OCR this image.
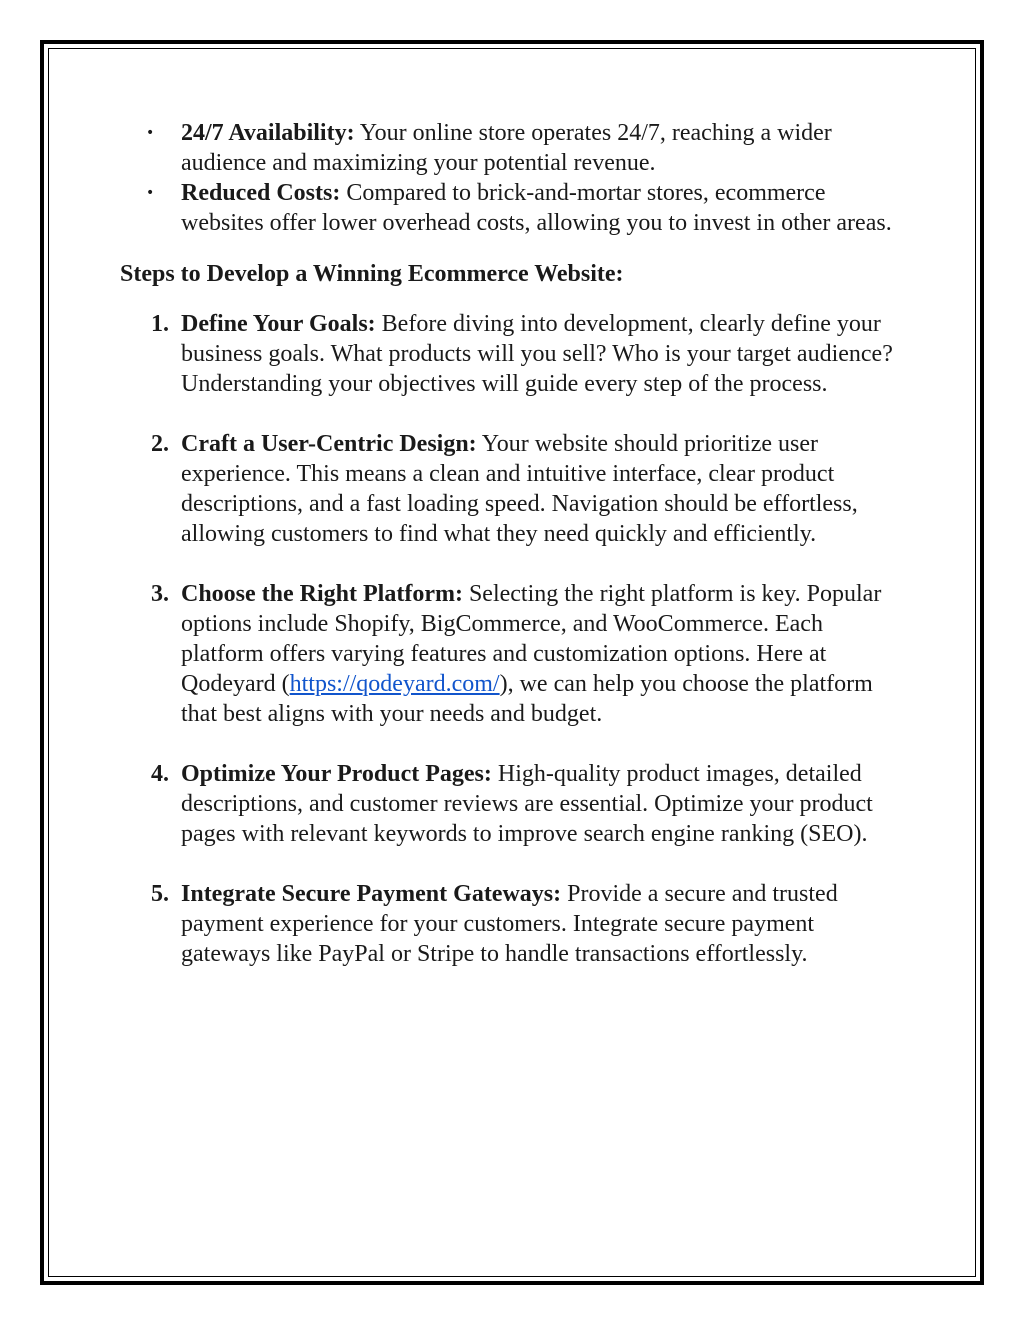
• 24/7 Availability: Your online store operates 24/7, reaching a wider audience and maximizing your potential revenue.
• Reduced Costs: Compared to brick-and-mortar stores, ecommerce websites offer lower overhead costs, allowing you to invest in other areas.
Steps to Develop a Winning Ecommerce Website:
1. Define Your Goals: Before diving into development, clearly define your business goals. What products will you sell? Who is your target audience? Understanding your objectives will guide every step of the process.
2. Craft a User-Centric Design: Your website should prioritize user experience. This means a clean and intuitive interface, clear product descriptions, and a fast loading speed. Navigation should be effortless, allowing customers to find what they need quickly and efficiently.
3. Choose the Right Platform: Selecting the right platform is key. Popular options include Shopify, BigCommerce, and WooCommerce. Each platform offers varying features and customization options. Here at Qodeyard (https://qodeyard.com/), we can help you choose the platform that best aligns with your needs and budget.
4. Optimize Your Product Pages: High-quality product images, detailed descriptions, and customer reviews are essential. Optimize your product pages with relevant keywords to improve search engine ranking (SEO).
5. Integrate Secure Payment Gateways: Provide a secure and trusted payment experience for your customers. Integrate secure payment gateways like PayPal or Stripe to handle transactions effortlessly.
